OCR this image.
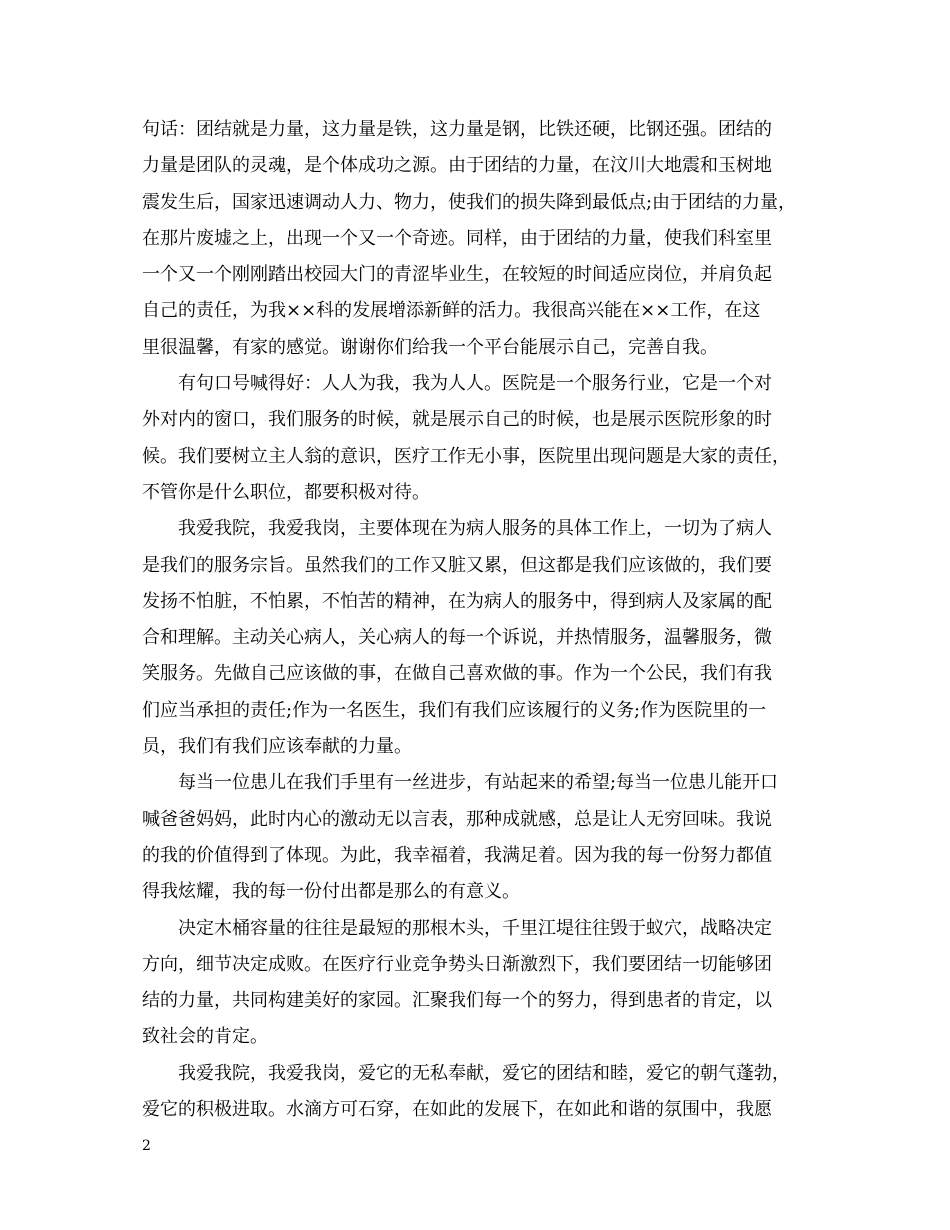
句话：团结就是力量，这力量是铁，这力量是钢，比铁还硬，比钢还强。团结的
力量是团队的灵魂，是个体成功之源。由于团结的力量，在汶川大地震和玉树地
震发生后，国家迅速调动人力、物力，使我们的损失降到最低点;由于团结的力量，
在那片废墟之上，出现一个又一个奇迹。同样，由于团结的力量，使我们科室里
一个又一个刚刚踏出校园大门的青涩毕业生，在较短的时间适应岗位，并肩负起
自己的责任，为我××科的发展增添新鲜的活力。我很高兴能在××工作，在这
里很温馨，有家的感觉。谢谢你们给我一个平台能展示自己，完善自我。
有句口号喊得好：人人为我，我为人人。医院是一个服务行业，它是一个对
外对内的窗口，我们服务的时候，就是展示自己的时候，也是展示医院形象的时
候。我们要树立主人翁的意识，医疗工作无小事，医院里出现问题是大家的责任，
不管你是什么职位，都要积极对待。
我爱我院，我爱我岗，主要体现在为病人服务的具体工作上，一切为了病人
是我们的服务宗旨。虽然我们的工作又脏又累，但这都是我们应该做的，我们要
发扬不怕脏，不怕累，不怕苦的精神，在为病人的服务中，得到病人及家属的配
合和理解。主动关心病人，关心病人的每一个诉说，并热情服务，温馨服务，微
笑服务。先做自己应该做的事，在做自己喜欢做的事。作为一个公民，我们有我
们应当承担的责任;作为一名医生，我们有我们应该履行的义务;作为医院里的一
员，我们有我们应该奉献的力量。
每当一位患儿在我们手里有一丝进步，有站起来的希望;每当一位患儿能开口
喊爸爸妈妈，此时内心的激动无以言表，那种成就感，总是让人无穷回味。我说
的我的价值得到了体现。为此，我幸福着，我满足着。因为我的每一份努力都值
得我炫耀，我的每一份付出都是那么的有意义。
决定木桶容量的往往是最短的那根木头，千里江堤往往毁于蚁穴，战略决定
方向，细节决定成败。在医疗行业竞争势头日渐激烈下，我们要团结一切能够团
结的力量，共同构建美好的家园。汇聚我们每一个的努力，得到患者的肯定，以
致社会的肯定。
我爱我院，我爱我岗，爱它的无私奉献，爱它的团结和睦，爱它的朝气蓬勃，
爱它的积极进取。水滴方可石穿，在如此的发展下，在如此和谐的氛围中，我愿
2
